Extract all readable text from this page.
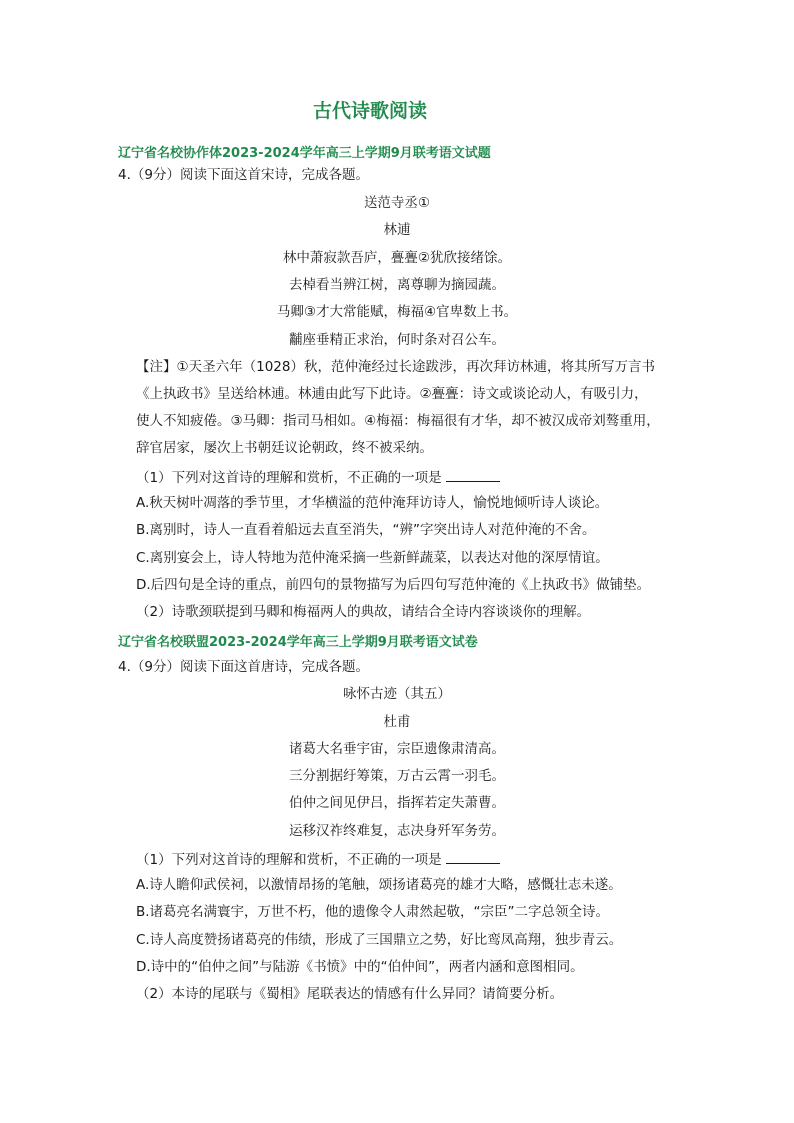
古代诗歌阅读
辽宁省名校协作体2023-2024学年高三上学期9月联考语文试题
4.（9分）阅读下面这首宋诗，完成各题。
送范寺丞①
林逋
林中萧寂款吾庐，亹亹②犹欣接绪馀。
去棹看当辨江树，离尊聊为摘园蔬。
马卿③才大常能赋，梅福④官卑数上书。
黼座垂精正求治，何时条对召公车。
【注】①天圣六年（1028）秋，范仲淹经过长途跋涉，再次拜访林逋，将其所写万言书
《上执政书》呈送给林逋。林逋由此写下此诗。②亹亹：诗文或谈论动人，有吸引力，
使人不知疲倦。③马卿：指司马相如。④梅福：梅福很有才华，却不被汉成帝刘骜重用，
辞官居家，屡次上书朝廷议论朝政，终不被采纳。
（1）下列对这首诗的理解和赏析，不正确的一项是
A.秋天树叶凋落的季节里，才华横溢的范仲淹拜访诗人，愉悦地倾听诗人谈论。
B.离别时，诗人一直看着船远去直至消失，“辨”字突出诗人对范仲淹的不舍。
C.离别宴会上，诗人特地为范仲淹采摘一些新鲜蔬菜，以表达对他的深厚情谊。
D.后四句是全诗的重点，前四句的景物描写为后四句写范仲淹的《上执政书》做铺垫。
（2）诗歌颈联提到马卿和梅福两人的典故，请结合全诗内容谈谈你的理解。
辽宁省名校联盟2023-2024学年高三上学期9月联考语文试卷
4.（9分）阅读下面这首唐诗，完成各题。
咏怀古迹（其五）
杜甫
诸葛大名垂宇宙，宗臣遗像肃清高。
三分割据纡筹策，万古云霄一羽毛。
伯仲之间见伊吕，指挥若定失萧曹。
运移汉祚终难复，志决身歼军务劳。
（1）下列对这首诗的理解和赏析，不正确的一项是
A.诗人瞻仰武侯祠，以激情昂扬的笔触，颂扬诸葛亮的雄才大略，感慨壮志未遂。
B.诸葛亮名满寰宇，万世不朽，他的遗像令人肃然起敬，“宗臣”二字总领全诗。
C.诗人高度赞扬诸葛亮的伟绩，形成了三国鼎立之势，好比鸾凤高翔，独步青云。
D.诗中的“伯仲之间”与陆游《书愤》中的“伯仲间”，两者内涵和意图相同。
（2）本诗的尾联与《蜀相》尾联表达的情感有什么异同？请简要分析。
